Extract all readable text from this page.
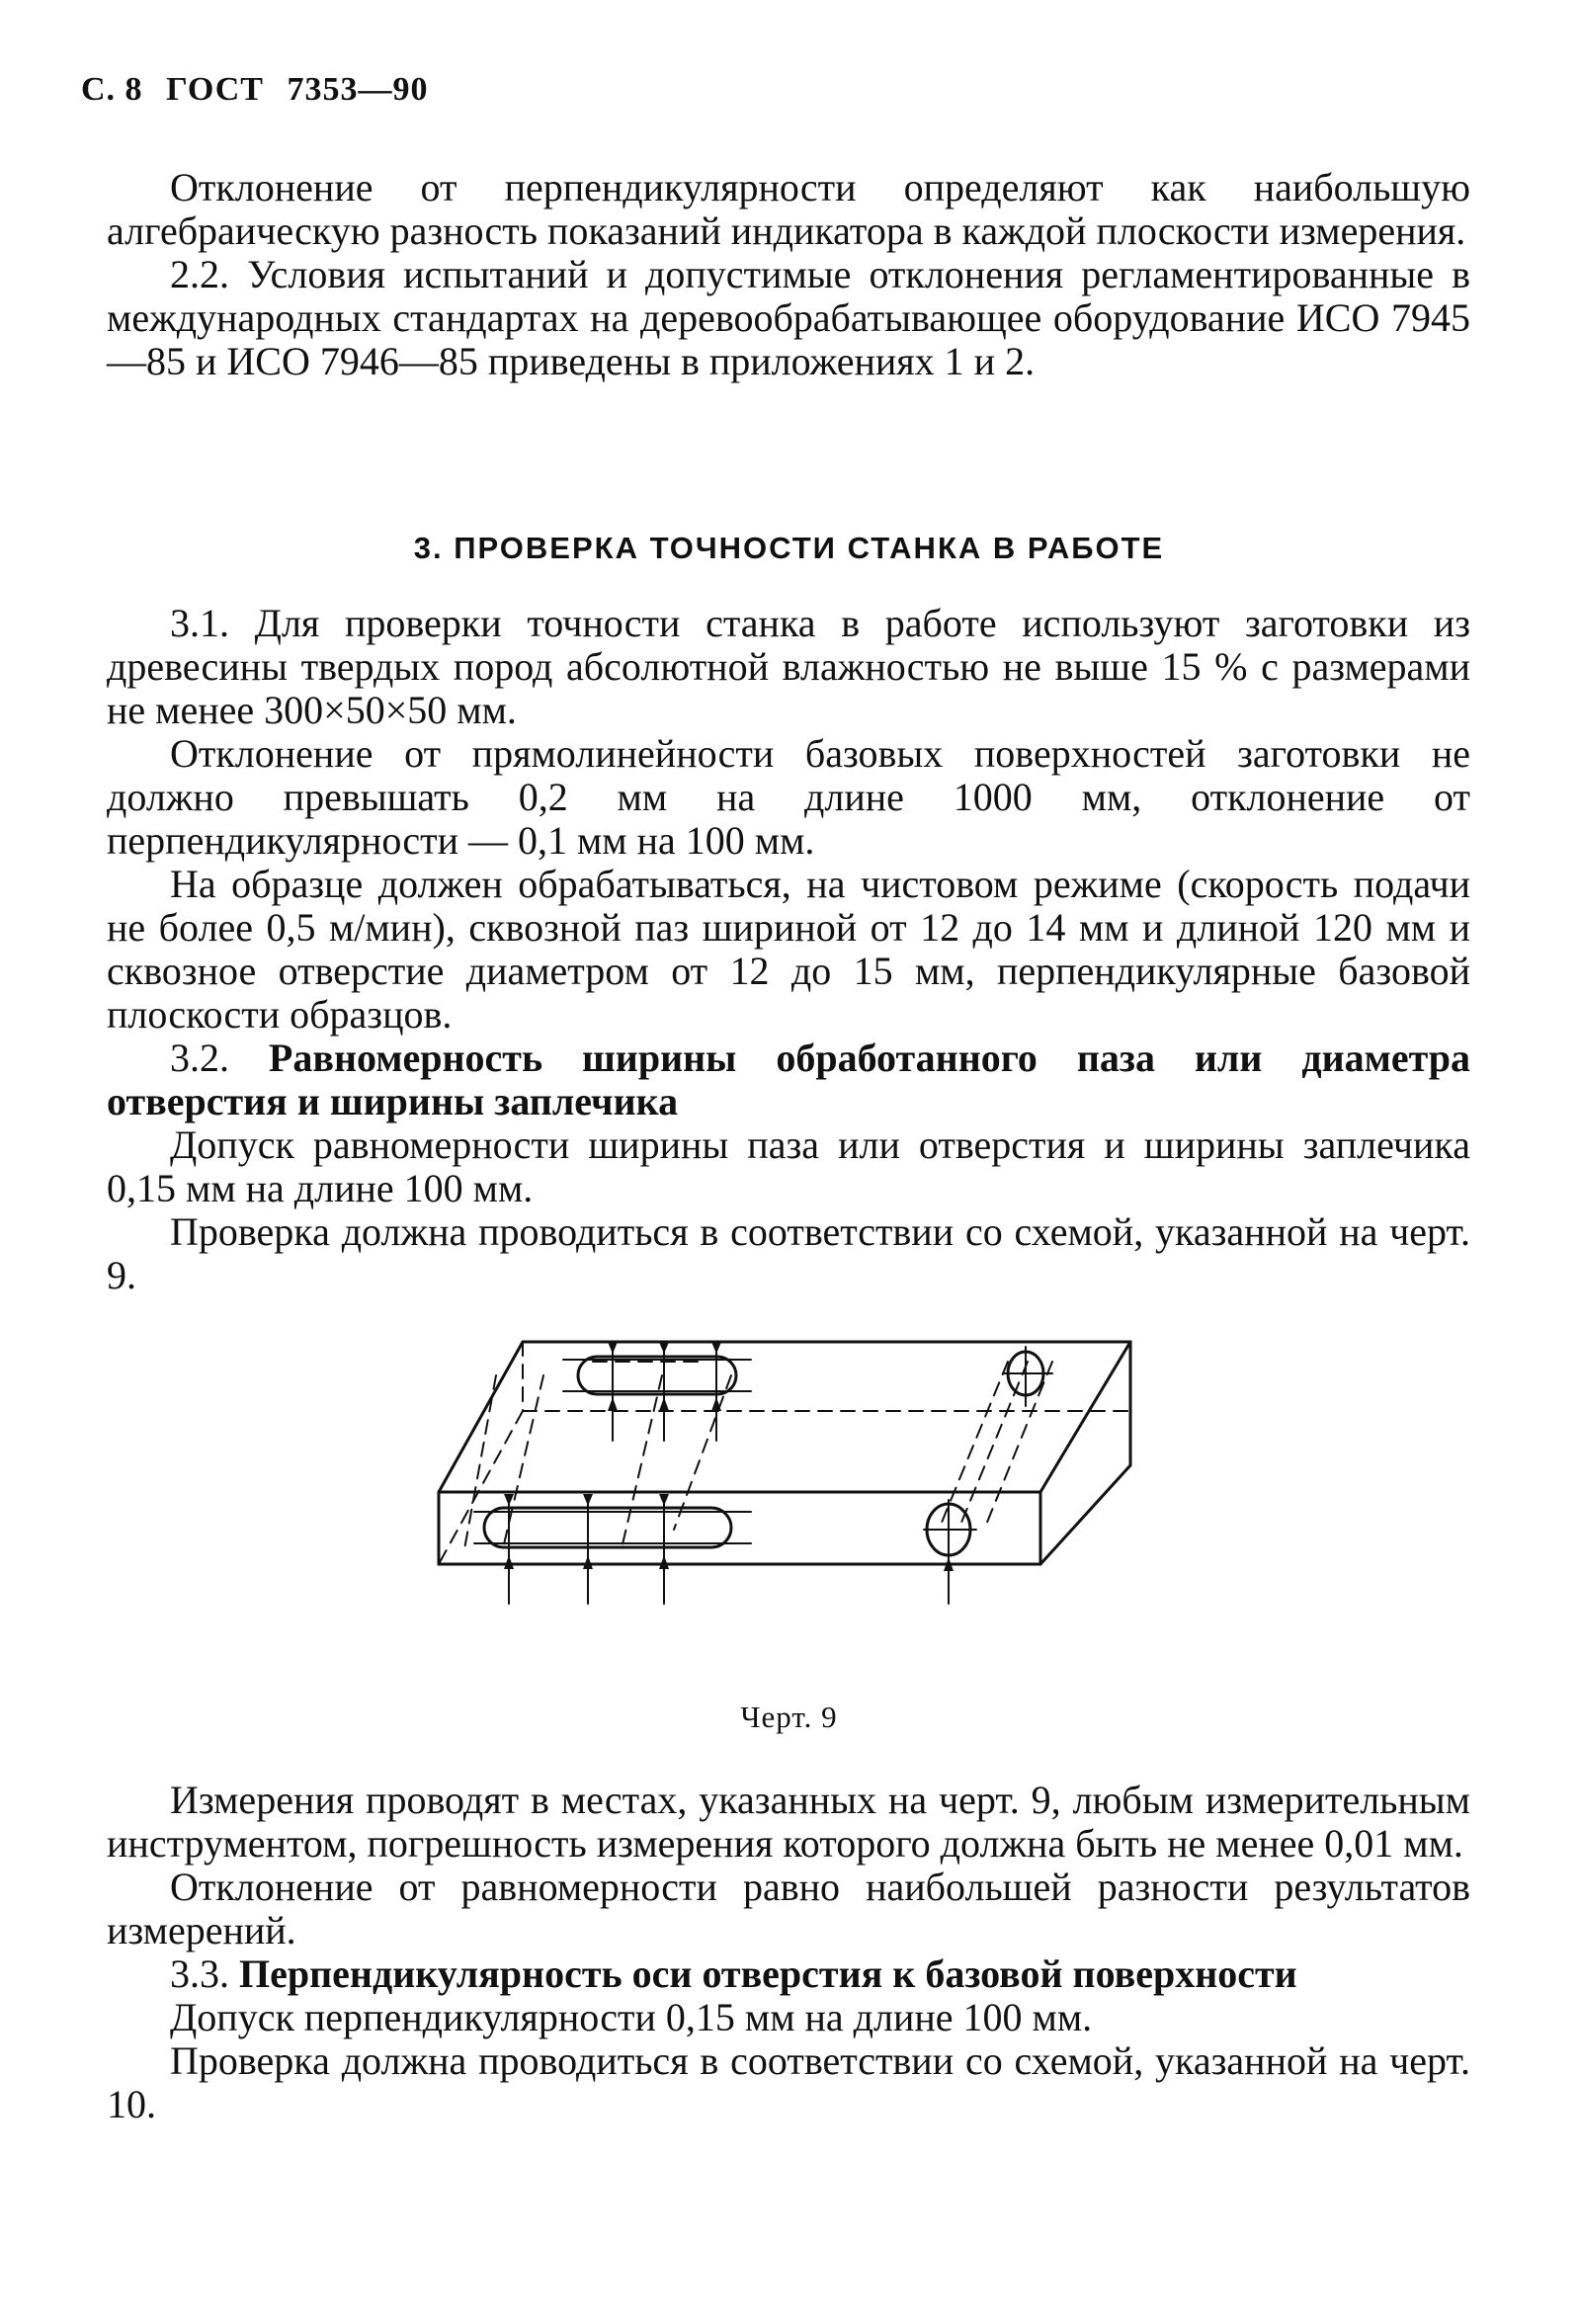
С. 8 ГОСТ 7353—90

Отклонение от перпендикулярности определяют как наибольшую алгебраическую разность показаний индикатора в каждой плоскости измерения.

2.2. Условия испытаний и допустимые отклонения регламентированные в международных стандартах на деревообрабатывающее оборудование ИСО 7945—85 и ИСО 7946—85 приведены в приложениях 1 и 2.

3. ПРОВЕРКА ТОЧНОСТИ СТАНКА В РАБОТЕ

3.1. Для проверки точности станка в работе используют заготовки из древесины твердых пород абсолютной влажностью не выше 15 % с размерами не менее 300×50×50 мм.

Отклонение от прямолинейности базовых поверхностей заготовки не должно превышать 0,2 мм на длине 1000 мм, отклонение от перпендикулярности — 0,1 мм на 100 мм.

На образце должен обрабатываться, на чистовом режиме (скорость подачи не более 0,5 м/мин), сквозной паз шириной от 12 до 14 мм и длиной 120 мм и сквозное отверстие диаметром от 12 до 15 мм, перпендикулярные базовой плоскости образцов.

3.2. Равномерность ширины обработанного паза или диаметра отверстия и ширины заплечика

Допуск равномерности ширины паза или отверстия и ширины заплечика 0,15 мм на длине 100 мм.

Проверка должна проводиться в соответствии со схемой, указанной на черт. 9.

Черт. 9

Измерения проводят в местах, указанных на черт. 9, любым измерительным инструментом, погрешность измерения которого должна быть не менее 0,01 мм.

Отклонение от равномерности равно наибольшей разности результатов измерений.

3.3. Перпендикулярность оси отверстия к базовой поверхности

Допуск перпендикулярности 0,15 мм на длине 100 мм.

Проверка должна проводиться в соответствии со схемой, указанной на черт. 10.
